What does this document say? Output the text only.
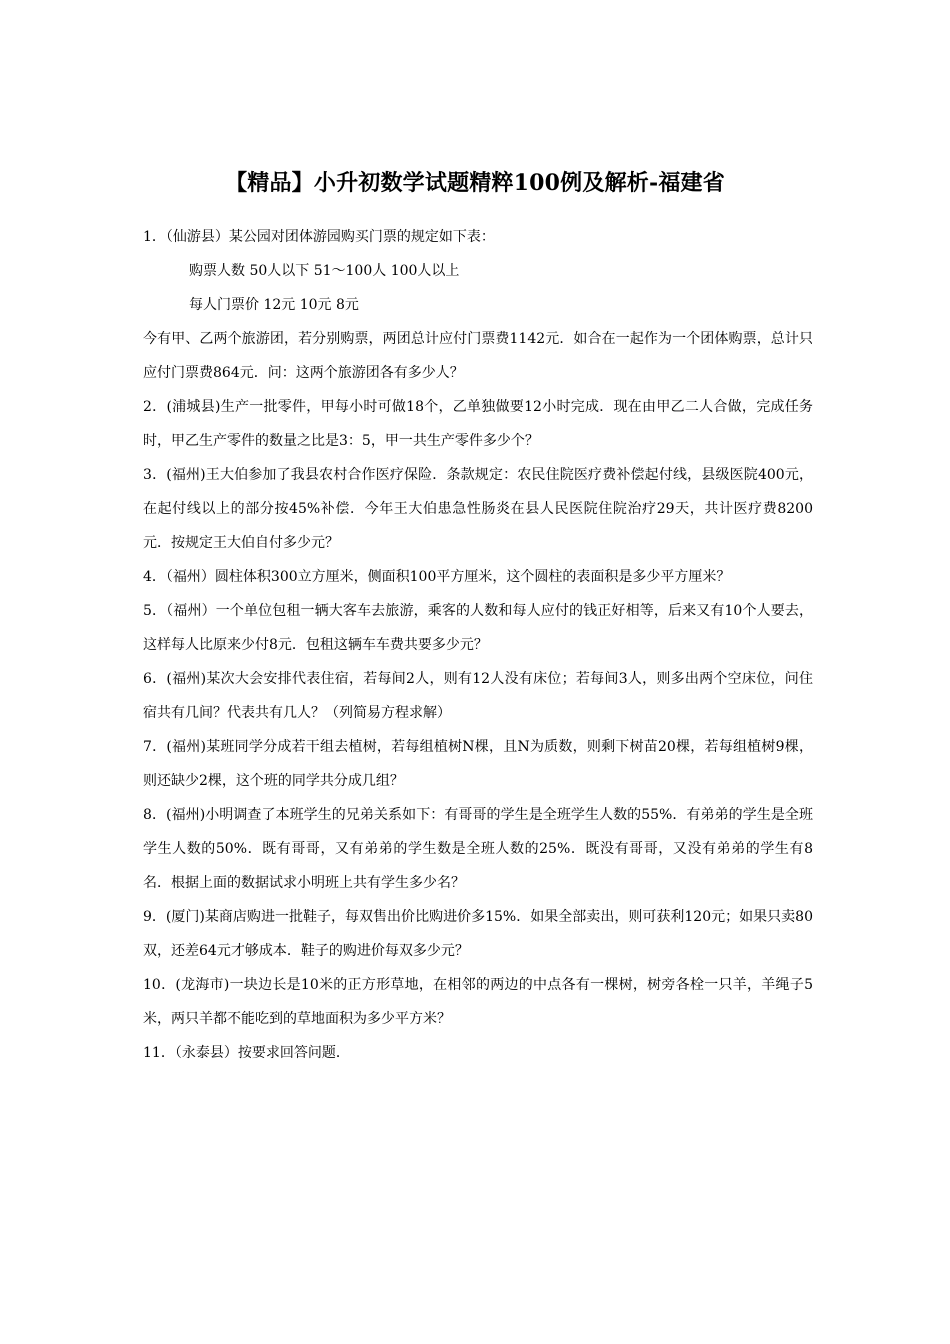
【精品】小升初数学试题精粹100例及解析-福建省

1．（仙游县）某公园对团体游园购买门票的规定如下表：

购票人数 50人以下 51～100人 100人以上

每人门票价 12元 10元 8元

今有甲、乙两个旅游团，若分别购票，两团总计应付门票费1142元．如合在一起作为一个团体购票，总计只应付门票费864元．问：这两个旅游团各有多少人？

2．(浦城县)生产一批零件，甲每小时可做18个，乙单独做要12小时完成．现在由甲乙二人合做，完成任务时，甲乙生产零件的数量之比是3：5，甲一共生产零件多少个？

3．(福州)王大伯参加了我县农村合作医疗保险．条款规定：农民住院医疗费补偿起付线，县级医院400元，在起付线以上的部分按45%补偿．今年王大伯患急性肠炎在县人民医院住院治疗29天，共计医疗费8200元．按规定王大伯自付多少元？

4．（福州）圆柱体积300立方厘米，侧面积100平方厘米，这个圆柱的表面积是多少平方厘米？

5．（福州）一个单位包租一辆大客车去旅游，乘客的人数和每人应付的钱正好相等，后来又有10个人要去，这样每人比原来少付8元．包租这辆车车费共要多少元？

6．(福州)某次大会安排代表住宿，若每间2人，则有12人没有床位；若每间3人，则多出两个空床位，问住宿共有几间？代表共有几人？（列简易方程求解）

7．(福州)某班同学分成若干组去植树，若每组植树N棵，且N为质数，则剩下树苗20棵，若每组植树9棵，则还缺少2棵，这个班的同学共分成几组？

8．(福州)小明调查了本班学生的兄弟关系如下：有哥哥的学生是全班学生人数的55%．有弟弟的学生是全班学生人数的50%．既有哥哥，又有弟弟的学生数是全班人数的25%．既没有哥哥，又没有弟弟的学生有8名．根据上面的数据试求小明班上共有学生多少名？

9．(厦门)某商店购进一批鞋子，每双售出价比购进价多15%．如果全部卖出，则可获利120元；如果只卖80双，还差64元才够成本．鞋子的购进价每双多少元？

10．(龙海市)一块边长是10米的正方形草地，在相邻的两边的中点各有一棵树，树旁各栓一只羊，羊绳子5米，两只羊都不能吃到的草地面积为多少平方米？

11．（永泰县）按要求回答问题．
